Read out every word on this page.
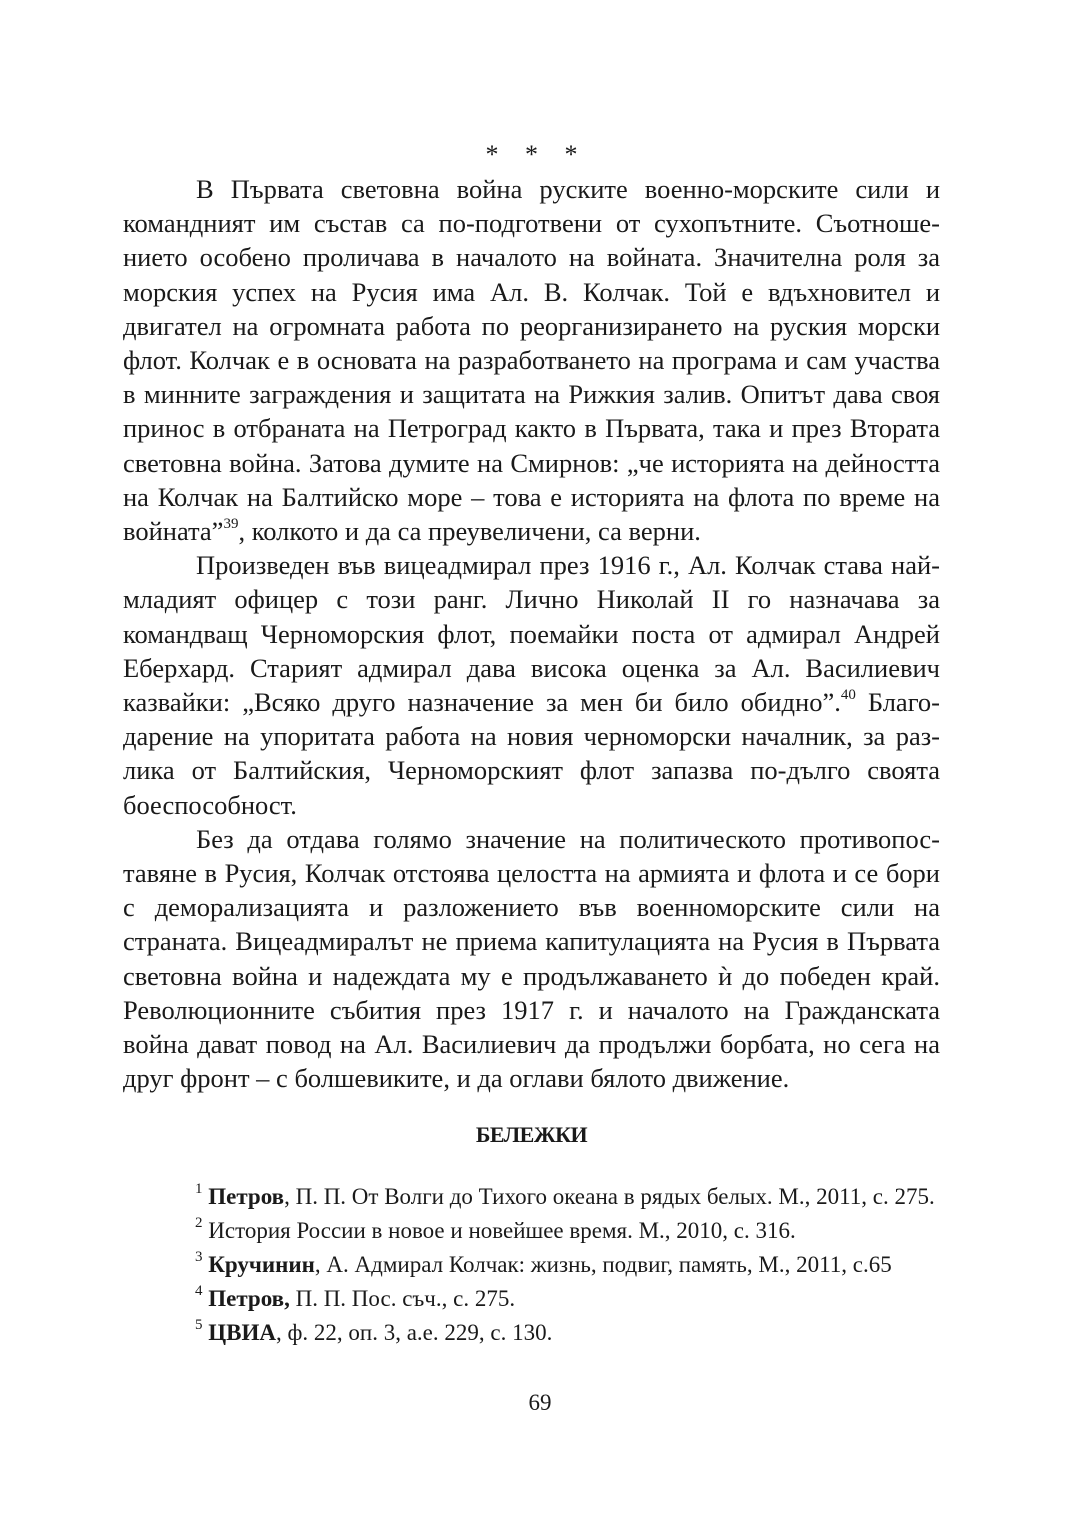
* * *

В Първата световна война руските военно-морските сили и командният им състав са по-подготвени от сухопътните. Съотношението особено проличава в началото на войната. Значителна роля за морския успех на Русия има Ал. В. Колчак. Той е вдъхновител и двигател на огромната работа по реорганизирането на руския морски флот. Колчак е в основата на разработването на програма и сам участва в минните заграждения и защитата на Рижкия залив. Опитът дава своя принос в отбраната на Петроград както в Първата, така и през Втората световна война. Затова думите на Смирнов: „че историята на дейността на Колчак на Балтийско море – това е историята на флота по време на войната”$^{39}$, колкото и да са преувеличени, са верни.

Произведен във вицеадмирал през 1916 г., Ал. Колчак става най-младият офицер с този ранг. Лично Николай II го назначава за командващ Черноморския флот, поемайки поста от адмирал Андрей Еберхард. Старият адмирал дава висока оценка за Ал. Василиевич казвайки: „Всяко друго назначение за мен би било обидно”.$^{40}$ Благодарение на упоритата работа на новия черноморски началник, за разлика от Балтийския, Черноморският флот запазва по-дълго своята боеспособност.

Без да отдава голямо значение на политическото противопоставяне в Русия, Колчак отстоява целостта на армията и флота и се бори с деморализацията и разложението във военноморските сили на страната. Вицеадмиралът не приема капитулацията на Русия в Първата световна война и надеждата му е продължаването ѝ до победен край. Революционните събития през 1917 г. и началото на Гражданската война дават повод на Ал. Василиевич да продължи борбата, но сега на друг фронт – с болшевиките, и да оглави бялото движение.

БЕЛЕЖКИ

$^1$ Петров, П. П. От Волги до Тихого океана в рядых белых. М., 2011, с. 275.

$^2$ История России в новое и новейшее время. М., 2010, с. 316.

$^3$ Кручинин, А. Адмирал Колчак: жизнь, подвиг, память, М., 2011, с.65

$^4$ Петров, П. П. Пос. съч., с. 275.

$^5$ ЦВИА, ф. 22, оп. 3, а.е. 229, с. 130.

69
